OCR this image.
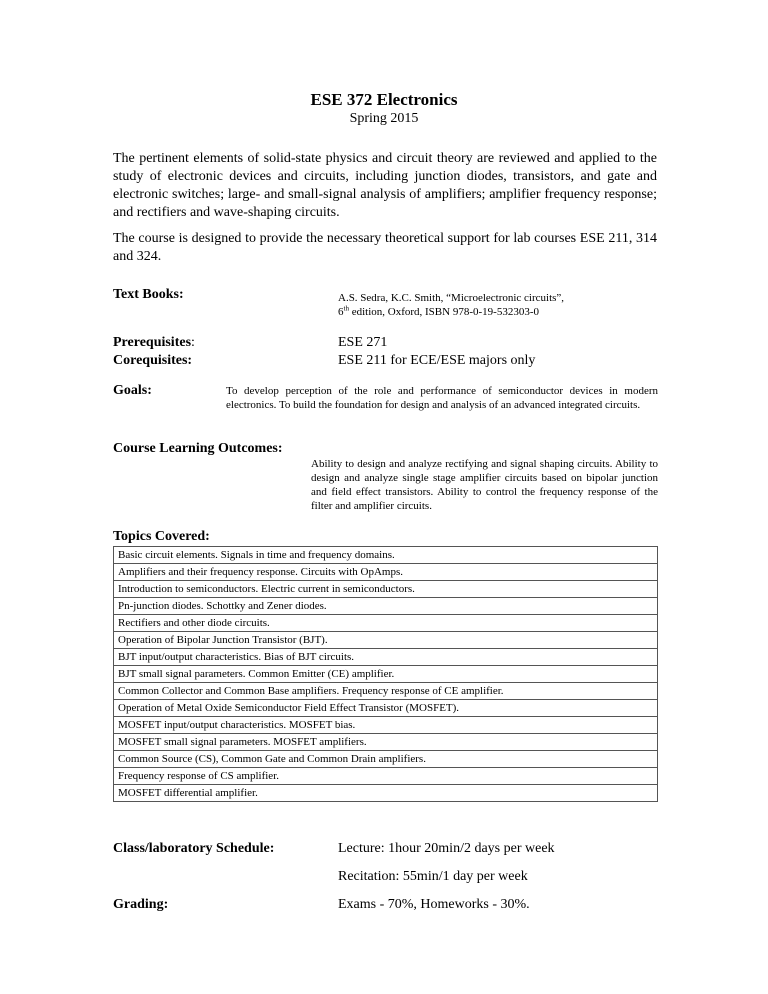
ESE 372 Electronics
Spring 2015

The pertinent elements of solid-state physics and circuit theory are reviewed and applied to the study of electronic devices and circuits, including junction diodes, transistors, and gate and electronic switches; large- and small-signal analysis of amplifiers; amplifier frequency response; and rectifiers and wave-shaping circuits.

The course is designed to provide the necessary theoretical support for lab courses ESE 211, 314 and 324.

Text Books:	A.S. Sedra, K.C. Smith, “Microelectronic circuits”,
6th edition, Oxford, ISBN 978-0-19-532303-0
Prerequisites:	ESE 271
Corequisites:	ESE 211 for ECE/ESE majors only
Goals:	To develop perception of the role and performance of semiconductor devices in modern electronics. To build the foundation for design and analysis of an advanced integrated circuits.
Course Learning Outcomes:
Ability to design and analyze rectifying and signal shaping circuits. Ability to design and analyze single stage amplifier circuits based on bipolar junction and field effect transistors. Ability to control the frequency response of the filter and amplifier circuits.
Topics Covered:
Basic circuit elements. Signals in time and frequency domains.
Amplifiers and their frequency response. Circuits with OpAmps.
Introduction to semiconductors. Electric current in semiconductors.
Pn-junction diodes. Schottky and Zener diodes.
Rectifiers and other diode circuits.
Operation of Bipolar Junction Transistor (BJT).
BJT input/output characteristics. Bias of BJT circuits.
BJT small signal parameters. Common Emitter (CE) amplifier.
Common Collector and Common Base amplifiers. Frequency response of CE amplifier.
Operation of Metal Oxide Semiconductor Field Effect Transistor (MOSFET).
MOSFET input/output characteristics. MOSFET bias.
MOSFET small signal parameters. MOSFET amplifiers.
Common Source (CS), Common Gate and Common Drain amplifiers.
Frequency response of CS amplifier.
MOSFET differential amplifier.
Class/laboratory Schedule:	Lecture: 1hour 20min/2 days per week
Recitation: 55min/1 day per week
Grading:	Exams - 70%, Homeworks - 30%.
